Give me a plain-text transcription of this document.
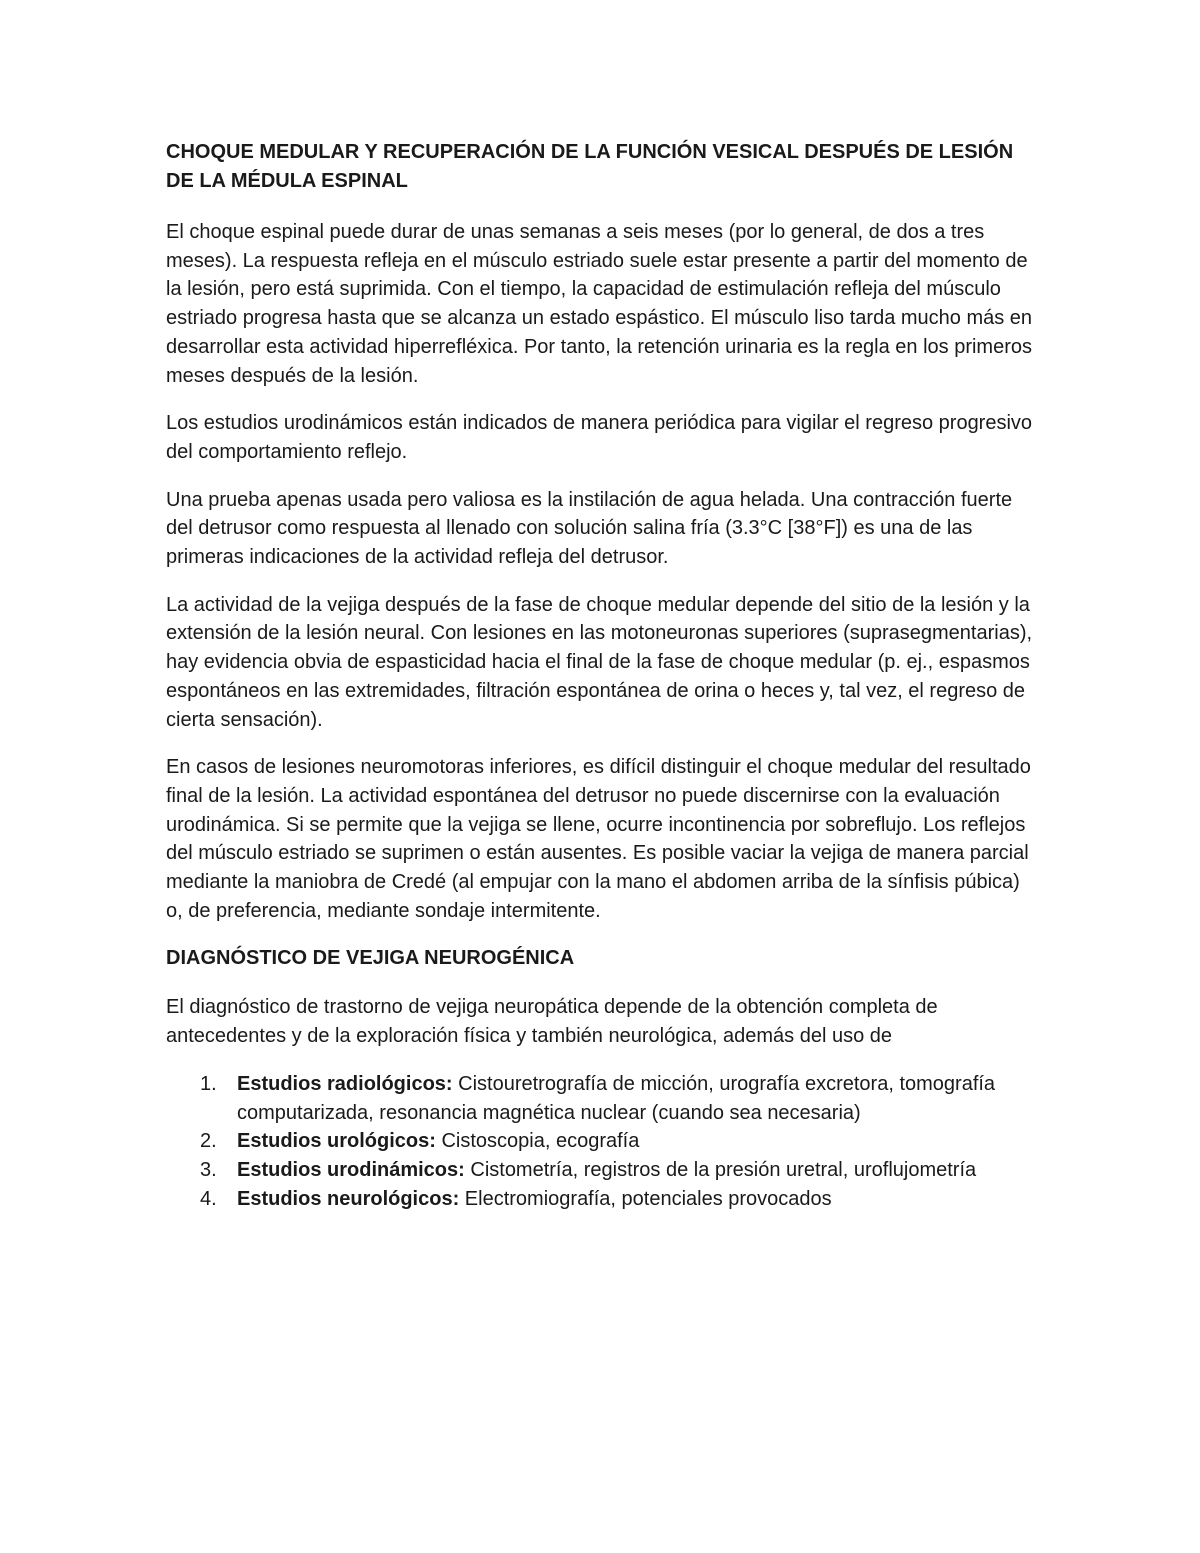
CHOQUE MEDULAR Y RECUPERACIÓN DE LA FUNCIÓN VESICAL DESPUÉS DE LESIÓN DE LA MÉDULA ESPINAL

El choque espinal puede durar de unas semanas a seis meses (por lo general, de dos a tres meses). La respuesta refleja en el músculo estriado suele estar presente a partir del momento de la lesión, pero está suprimida. Con el tiempo, la capacidad de estimulación refleja del músculo estriado progresa hasta que se alcanza un estado espástico. El músculo liso tarda mucho más en desarrollar esta actividad hiperrefléxica. Por tanto, la retención urinaria es la regla en los primeros meses después de la lesión.

Los estudios urodinámicos están indicados de manera periódica para vigilar el regreso progresivo del comportamiento reflejo.

Una prueba apenas usada pero valiosa es la instilación de agua helada. Una contracción fuerte del detrusor como respuesta al llenado con solución salina fría (3.3°C [38°F]) es una de las primeras indicaciones de la actividad refleja del detrusor.

La actividad de la vejiga después de la fase de choque medular depende del sitio de la lesión y la extensión de la lesión neural. Con lesiones en las motoneuronas superiores (suprasegmentarias), hay evidencia obvia de espasticidad hacia el final de la fase de choque medular (p. ej., espasmos espontáneos en las extremidades, filtración espontánea de orina o heces y, tal vez, el regreso de cierta sensación).

En casos de lesiones neuromotoras inferiores, es difícil distinguir el choque medular del resultado final de la lesión. La actividad espontánea del detrusor no puede discernirse con la evaluación urodinámica. Si se permite que la vejiga se llene, ocurre incontinencia por sobreflujo. Los reflejos del músculo estriado se suprimen o están ausentes. Es posible vaciar la vejiga de manera parcial mediante la maniobra de Credé (al empujar con la mano el abdomen arriba de la sínfisis púbica) o, de preferencia, mediante sondaje intermitente.

DIAGNÓSTICO DE VEJIGA NEUROGÉNICA

El diagnóstico de trastorno de vejiga neuropática depende de la obtención completa de antecedentes y de la exploración física y también neurológica, además del uso de

1. Estudios radiológicos: Cistouretrografía de micción, urografía excretora, tomografía computarizada, resonancia magnética nuclear (cuando sea necesaria)
2. Estudios urológicos: Cistoscopia, ecografía
3. Estudios urodinámicos: Cistometría, registros de la presión uretral, uroflujometría
4. Estudios neurológicos: Electromiografía, potenciales provocados
